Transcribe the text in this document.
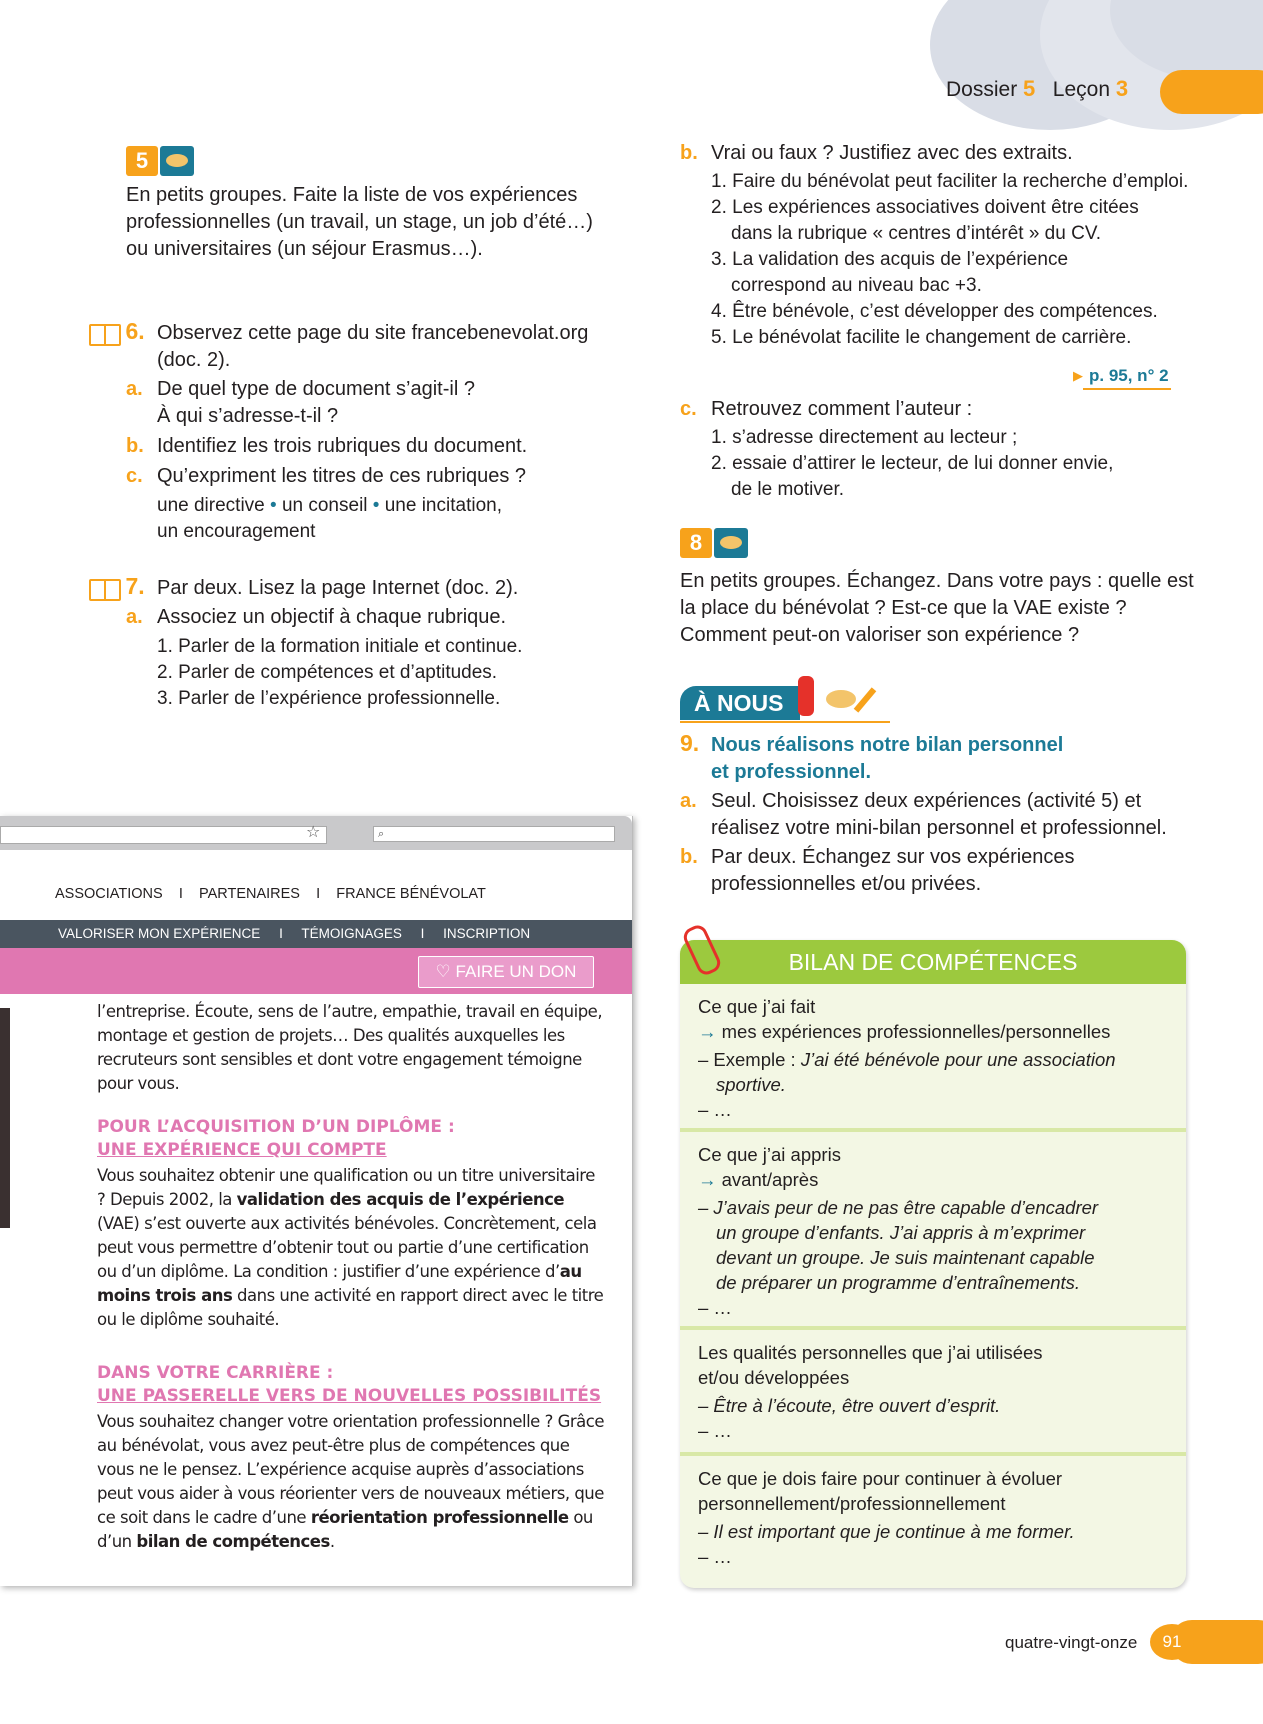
Dossier 5 Leçon 3
5
En petits groupes. Faite la liste de vos expériences professionnelles (un travail, un stage, un job d’été…) ou universitaires (un séjour Erasmus…).
6. Observez cette page du site francebenevolat.org
(doc. 2).
a. De quel type de document s’agit-il ?
À qui s’adresse-t-il ?
b. Identifiez les trois rubriques du document.
c. Qu’expriment les titres de ces rubriques ?
une directive • un conseil • une incitation,
un encouragement
7. Par deux. Lisez la page Internet (doc. 2).
a. Associez un objectif à chaque rubrique.
1. Parler de la formation initiale et continue.
2. Parler de compétences et d’aptitudes.
3. Parler de l’expérience professionnelle.
b. Vrai ou faux ? Justifiez avec des extraits.
1. Faire du bénévolat peut faciliter la recherche d’emploi.
2. Les expériences associatives doivent être citées
dans la rubrique « centres d’intérêt » du CV.
3. La validation des acquis de l’expérience
correspond au niveau bac +3.
4. Être bénévole, c’est développer des compétences.
5. Le bénévolat facilite le changement de carrière.
▶ p. 95, n° 2
c. Retrouvez comment l’auteur :
1. s’adresse directement au lecteur ;
2. essaie d’attirer le lecteur, de lui donner envie,
de le motiver.
8
En petits groupes. Échangez. Dans votre pays : quelle est la place du bénévolat ? Est-ce que la VAE existe ? Comment peut-on valoriser son expérience ?
À NOUS
9. Nous réalisons notre bilan personnel
et professionnel.
a. Seul. Choisissez deux expériences (activité 5) et
réalisez votre mini-bilan personnel et professionnel.
b. Par deux. Échangez sur vos expériences
professionnelles et/ou privées.
☆	⌕
ASSOCIATIONS I PARTENAIRES I FRANCE BÉNÉVOLAT
VALORISER MON EXPÉRIENCE I TÉMOIGNAGES I INSCRIPTION
♡ FAIRE UN DON
l’entreprise. Écoute, sens de l’autre, empathie, travail en équipe, montage et gestion de projets… Des qualités auxquelles les recruteurs sont sensibles et dont votre engagement témoigne pour vous.
POUR L’ACQUISITION D’UN DIPLÔME :
UNE EXPÉRIENCE QUI COMPTE
Vous souhaitez obtenir une qualification ou un titre universitaire ? Depuis 2002, la validation des acquis de l’expérience (VAE) s’est ouverte aux activités bénévoles. Concrètement, cela peut vous permettre d’obtenir tout ou partie d’une certification ou d’un diplôme. La condition : justifier d’une expérience d’au moins trois ans dans une activité en rapport direct avec le titre ou le diplôme souhaité.
DANS VOTRE CARRIÈRE :
UNE PASSERELLE VERS DE NOUVELLES POSSIBILITÉS
Vous souhaitez changer votre orientation professionnelle ? Grâce au bénévolat, vous avez peut-être plus de compétences que vous ne le pensez. L’expérience acquise auprès d’associations peut vous aider à vous réorienter vers de nouveaux métiers, que ce soit dans le cadre d’une réorientation professionnelle ou d’un bilan de compétences.
BILAN DE COMPÉTENCES
Ce que j’ai fait
→ mes expériences professionnelles/personnelles
– Exemple : J’ai été bénévole pour une association
sportive.
– …
Ce que j’ai appris
→ avant/après
– J’avais peur de ne pas être capable d’encadrer
un groupe d’enfants. J’ai appris à m’exprimer
devant un groupe. Je suis maintenant capable
de préparer un programme d’entraînements.
– …
Les qualités personnelles que j’ai utilisées
et/ou développées
– Être à l’écoute, être ouvert d’esprit.
– …
Ce que je dois faire pour continuer à évoluer
personnellement/professionnellement
– Il est important que je continue à me former.
– …
quatre-vingt-onze	91
